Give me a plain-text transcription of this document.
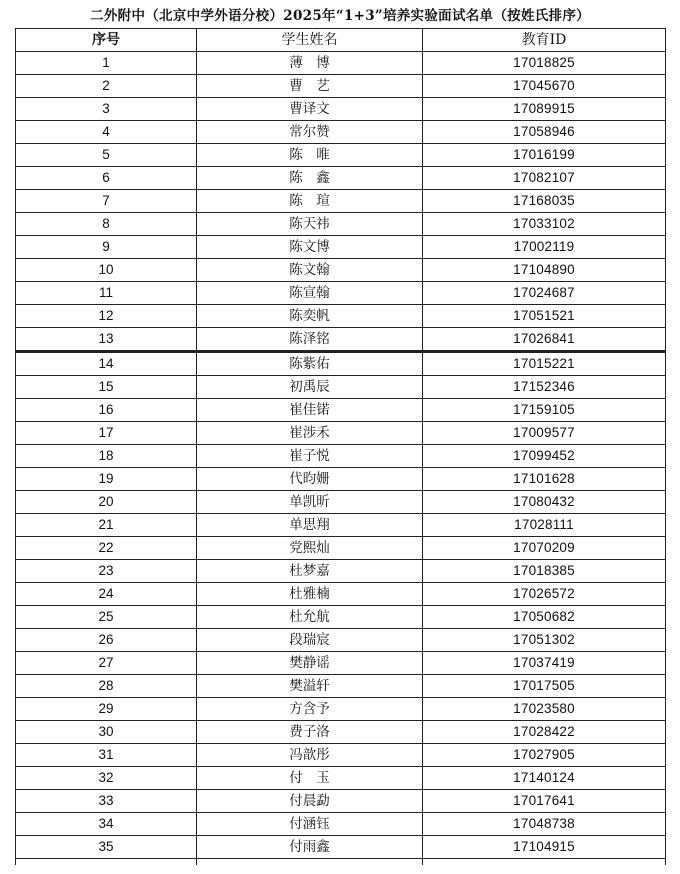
二外附中（北京中学外语分校）2025年“1+3”培养实验面试名单（按姓氏排序）
序号	学生姓名	教育ID
1	薄　博	17018825
2	曹　艺	17045670
3	曹译文	17089915
4	常尔赞	17058946
5	陈　唯	17016199
6	陈　鑫	17082107
7	陈　瑄	17168035
8	陈天祎	17033102
9	陈文博	17002119
10	陈文翰	17104890
11	陈宣翰	17024687
12	陈奕帆	17051521
13	陈泽铭	17026841
14	陈紫佑	17015221
15	初禹辰	17152346
16	崔佳锘	17159105
17	崔涉禾	17009577
18	崔子悦	17099452
19	代昀姗	17101628
20	单凯昕	17080432
21	单思翔	17028111
22	党熙灿	17070209
23	杜梦嘉	17018385
24	杜雅楠	17026572
25	杜允航	17050682
26	段瑞宸	17051302
27	樊静谣	17037419
28	樊溢轩	17017505
29	方含予	17023580
30	费子洛	17028422
31	冯歆彤	17027905
32	付　玉	17140124
33	付晨勐	17017641
34	付涵钰	17048738
35	付雨鑫	17104915
